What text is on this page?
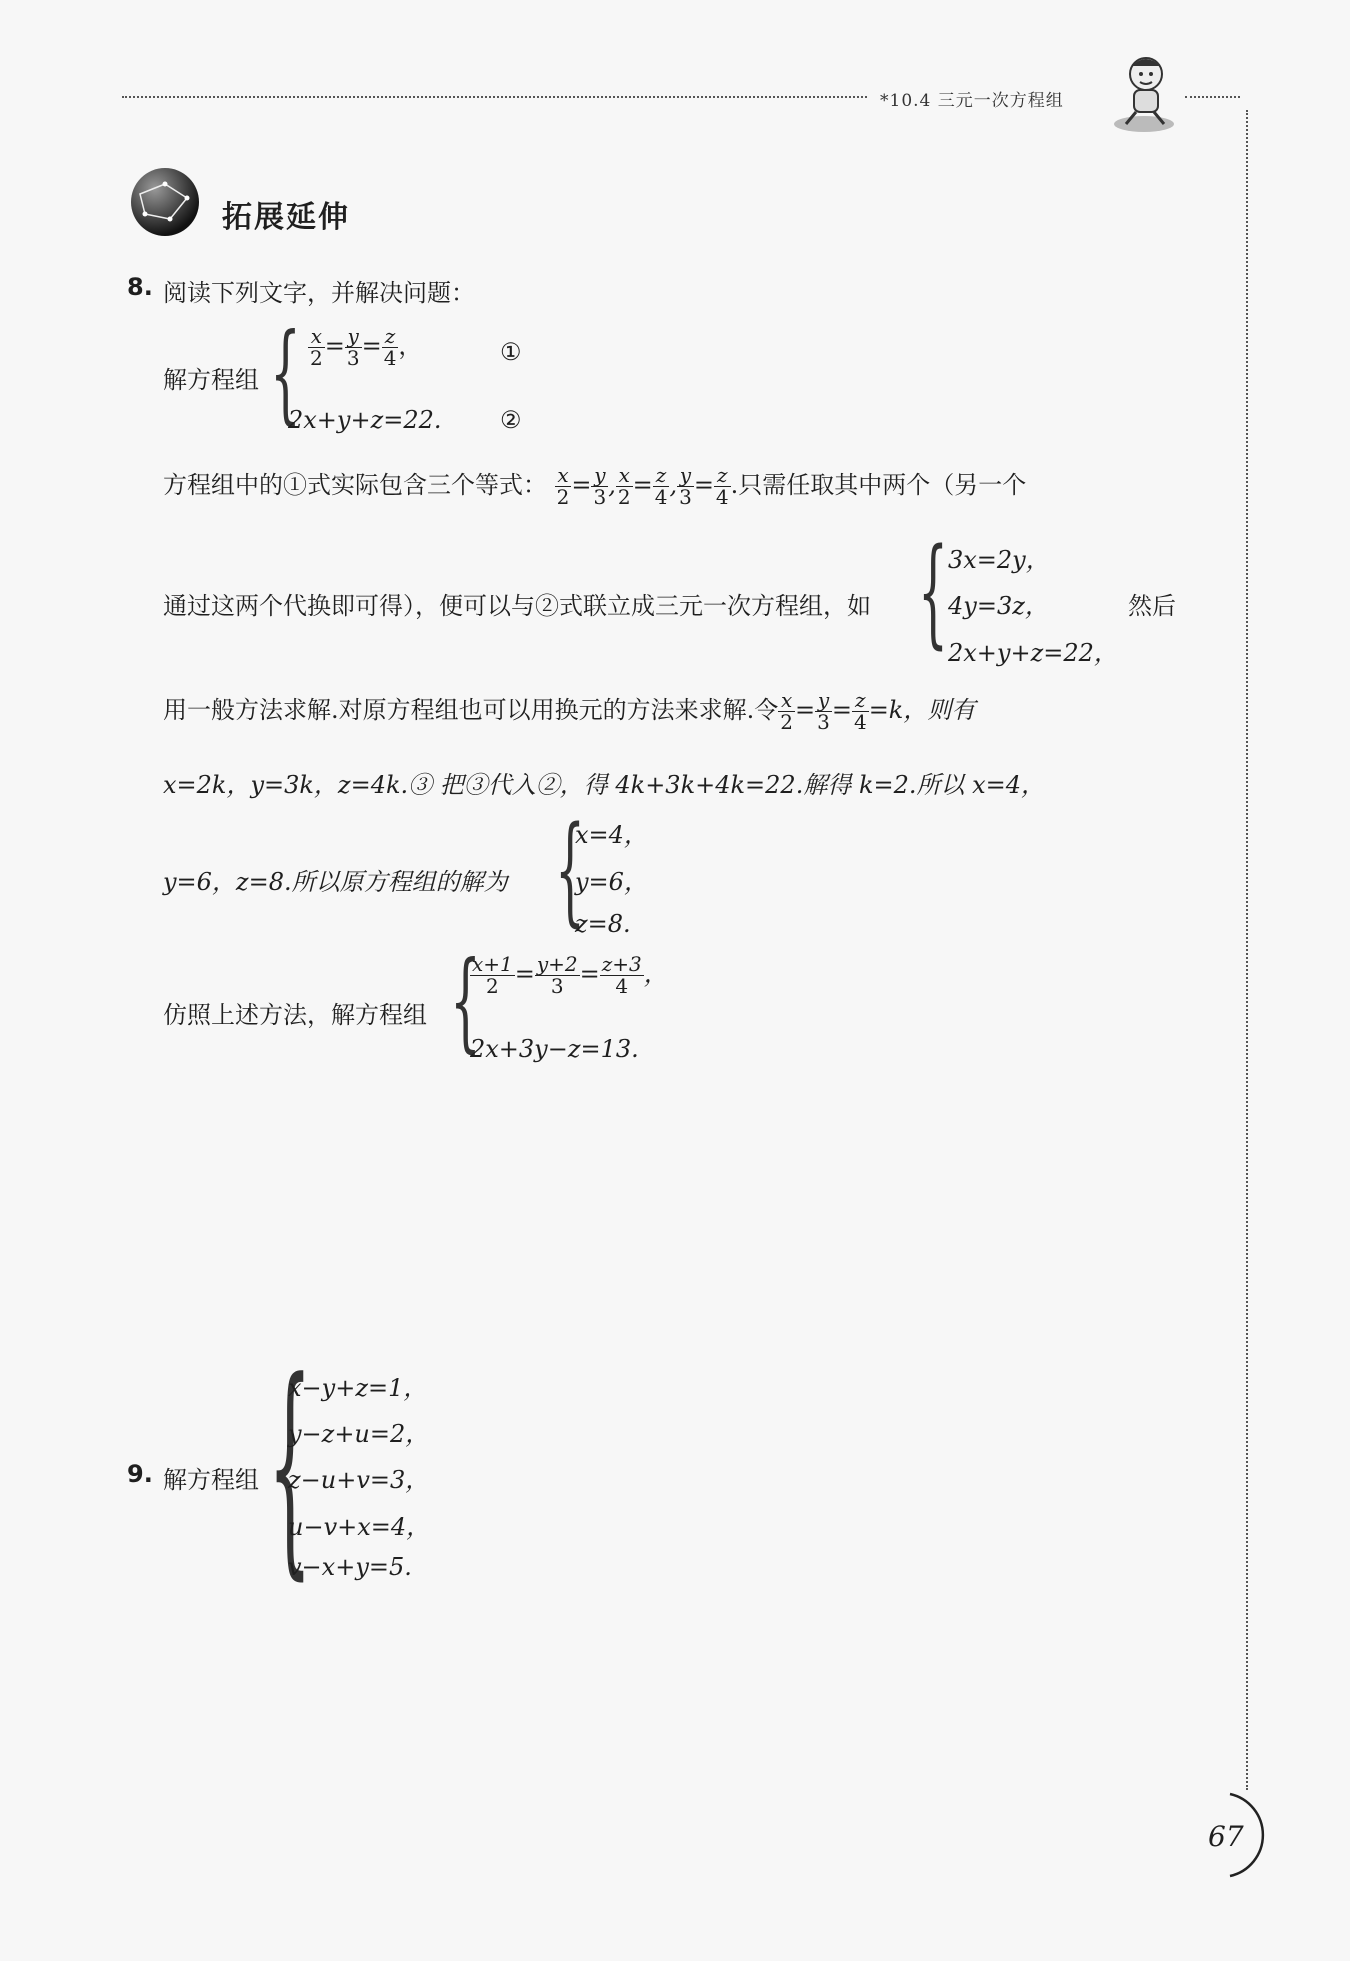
*10.4 三元一次方程组
拓展延伸
8. 阅读下列文字，并解决问题：
解方程组 { $\frac{x}{2} = \frac{y}{3} = \frac{z}{4}$ ，	①
2x+y+z=22. ②
方程组中的①式实际包含三个等式： $\frac{x}{2} = \frac{y}{3}$ , $\frac{x}{2} = \frac{z}{4}$ , $\frac{y}{3} = \frac{z}{4}$ .只需任取其中两个（另一个
通过这两个代换即可得），便可以与②式联立成三元一次方程组，如 { 3x=2y，
4y=3z，
2x+y+z=22，
然后
用一般方法求解.对原方程组也可以用换元的方法来求解.令 $\frac{x}{2} = \frac{y}{3} = \frac{z}{4} =k$，则有
x=2k，y=3k，z=4k.③ 把③代入②，得 4k+3k+4k=22.解得 k=2.所以 x=4，
y=6，z=8.所以原方程组的解为 {
x=4，
y=6，
z=8.
仿照上述方法，解方程组 {
$\frac{x+1}{2} = \frac{y+2}{3} = \frac{z+3}{4}$ ，
2x+3y−z=13.
9. 解方程组 {
x−y+z=1，
y−z+u=2，
z−u+v=3，
u−v+x=4，
v−x+y=5.
67
